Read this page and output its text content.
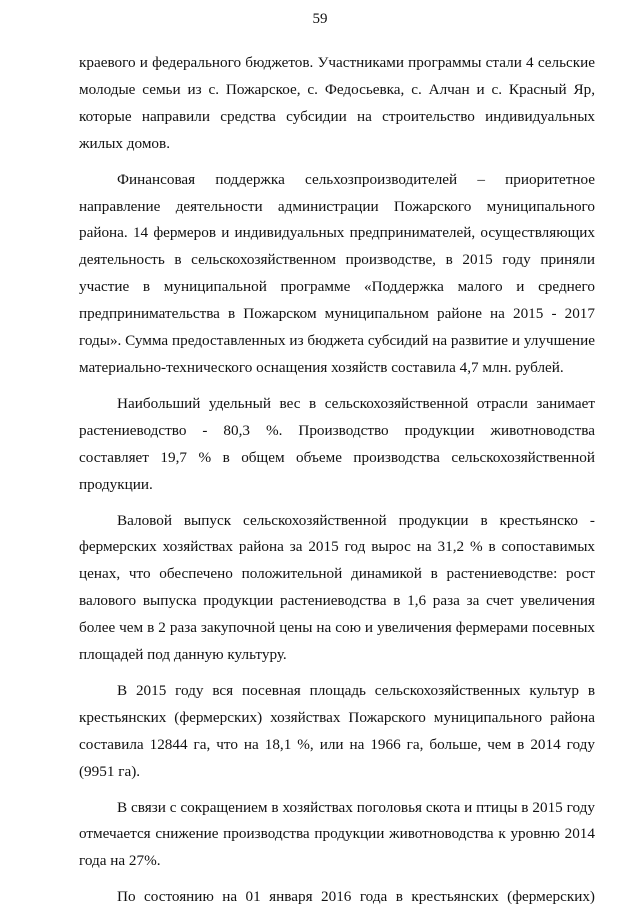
59

краевого и федерального бюджетов. Участниками программы стали 4 сельские молодые семьи из с. Пожарское, с. Федосьевка, с. Алчан и с. Красный Яр, которые направили средства субсидии на строительство индивидуальных жилых домов.

Финансовая поддержка сельхозпроизводителей – приоритетное направление деятельности администрации Пожарского муниципального района. 14 фермеров и индивидуальных предпринимателей, осуществляющих деятельность в сельскохозяйственном производстве, в 2015 году приняли участие в муниципальной программе «Поддержка малого и среднего предпринимательства в Пожарском муниципальном районе на 2015 - 2017 годы». Сумма предоставленных из бюджета субсидий на развитие и улучшение материально-технического оснащения хозяйств составила 4,7 млн. рублей.

Наибольший удельный вес в сельскохозяйственной отрасли занимает растениеводство - 80,3 %. Производство продукции животноводства составляет 19,7 % в общем объеме производства сельскохозяйственной продукции.

Валовой выпуск сельскохозяйственной продукции в крестьянско - фермерских хозяйствах района за 2015 год вырос на 31,2 % в сопоставимых ценах, что обеспечено положительной динамикой в растениеводстве: рост валового выпуска продукции растениеводства в 1,6 раза за счет увеличения более чем в 2 раза закупочной цены на сою и увеличения фермерами посевных площадей под данную культуру.

В 2015 году вся посевная площадь сельскохозяйственных культур в крестьянских (фермерских) хозяйствах Пожарского муниципального района составила 12844 га, что на 18,1 %, или на 1966 га, больше, чем в 2014 году (9951 га).

В связи с сокращением в хозяйствах поголовья скота и птицы в 2015 году отмечается снижение производства продукции животноводства к уровню 2014 года на 27%.

По состоянию на 01 января 2016 года в крестьянских (фермерских)
